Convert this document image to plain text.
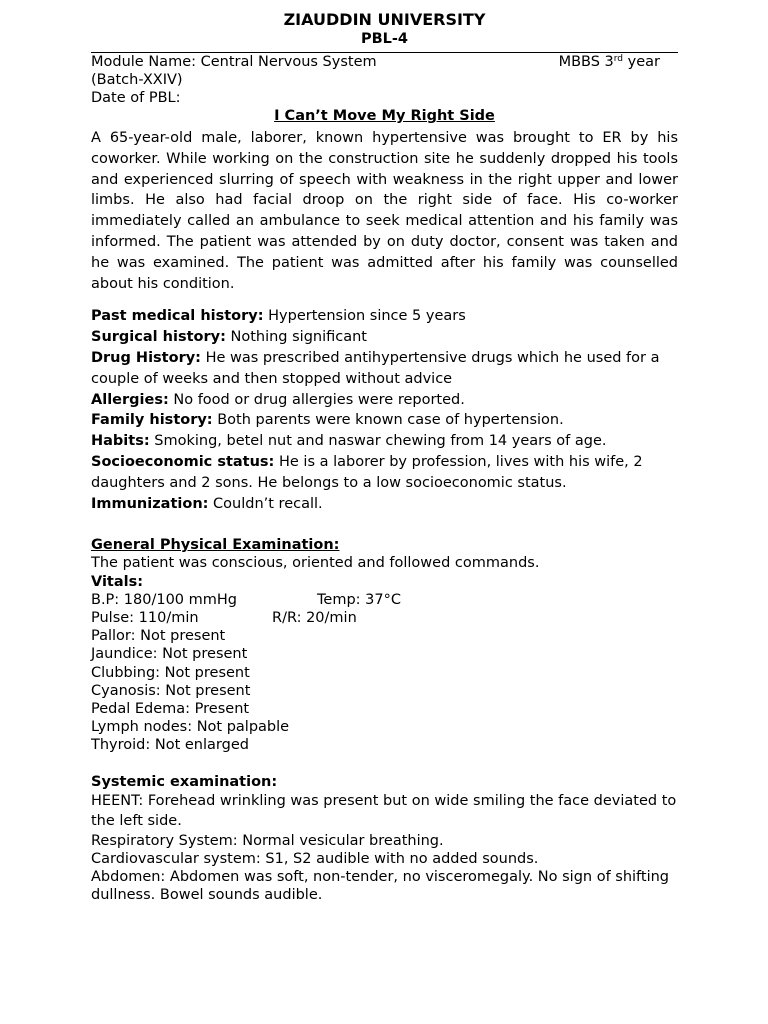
ZIAUDDIN UNIVERSITY
PBL-4
Module Name: Central Nervous System	MBBS 3rd year
(Batch-XXIV)
Date of PBL:
I Can’t Move My Right Side
A 65-year-old male, laborer, known hypertensive was brought to ER by his coworker. While working on the construction site he suddenly dropped his tools and experienced slurring of speech with weakness in the right upper and lower limbs. He also had facial droop on the right side of face. His co-worker immediately called an ambulance to seek medical attention and his family was informed. The patient was attended by on duty doctor, consent was taken and he was examined. The patient was admitted after his family was counselled about his condition.
Past medical history: Hypertension since 5 years
Surgical history: Nothing significant
Drug History: He was prescribed antihypertensive drugs which he used for a couple of weeks and then stopped without advice
Allergies: No food or drug allergies were reported.
Family history: Both parents were known case of hypertension.
Habits: Smoking, betel nut and naswar chewing from 14 years of age.
Socioeconomic status: He is a laborer by profession, lives with his wife, 2 daughters and 2 sons. He belongs to a low socioeconomic status.
Immunization: Couldn’t recall.
General Physical Examination:
The patient was conscious, oriented and followed commands.
Vitals:
B.P: 180/100 mmHg	Temp: 37°C
Pulse: 110/min	R/R: 20/min
Pallor: Not present
Jaundice: Not present
Clubbing: Not present
Cyanosis: Not present
Pedal Edema: Present
Lymph nodes: Not palpable
Thyroid: Not enlarged
Systemic examination:
HEENT: Forehead wrinkling was present but on wide smiling the face deviated to the left side.
Respiratory System: Normal vesicular breathing.
Cardiovascular system: S1, S2 audible with no added sounds.
Abdomen: Abdomen was soft, non-tender, no visceromegaly. No sign of shifting dullness. Bowel sounds audible.
